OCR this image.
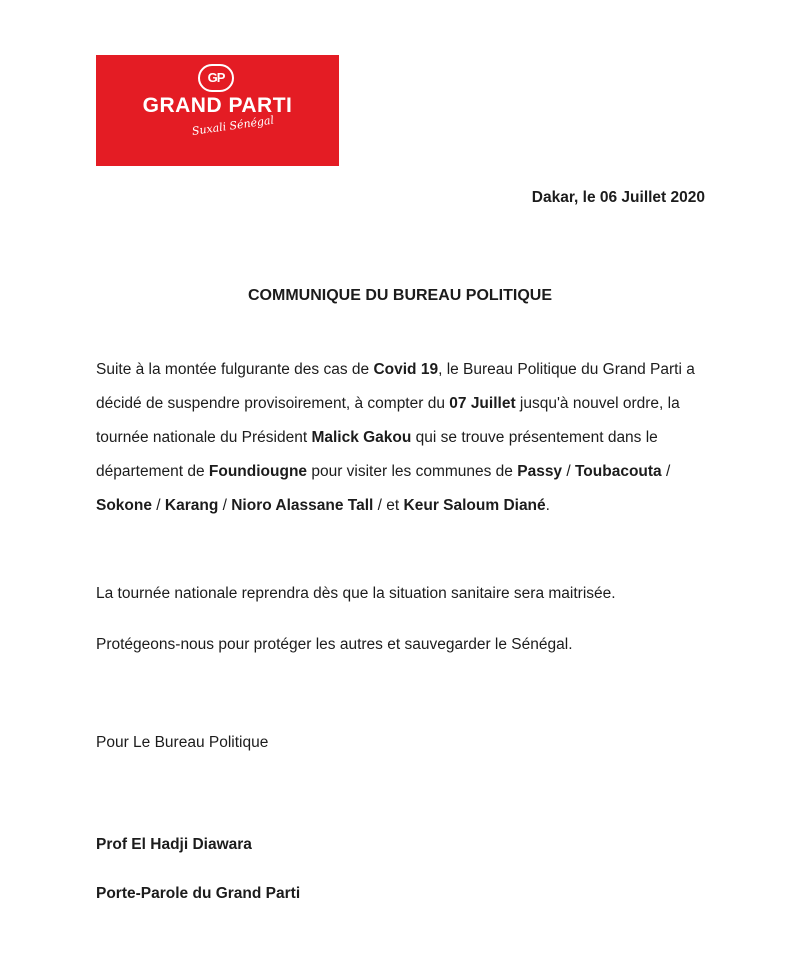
GP
GRAND PARTI
Suxali Sénégal
Dakar, le 06 Juillet 2020
COMMUNIQUE DU BUREAU POLITIQUE

Suite à la montée fulgurante des cas de Covid 19, le Bureau Politique du Grand Parti a décidé de suspendre provisoirement, à compter du 07 Juillet jusqu'à nouvel ordre, la tournée nationale du Président Malick Gakou qui se trouve présentement dans le département de Foundiougne pour visiter les communes de Passy / Toubacouta / Sokone / Karang / Nioro Alassane Tall / et Keur Saloum Diané.

La tournée nationale reprendra dès que la situation sanitaire sera maitrisée.

Protégeons-nous pour protéger les autres et sauvegarder le Sénégal.

Pour Le Bureau Politique
Prof El Hadji Diawara
Porte-Parole du Grand Parti
